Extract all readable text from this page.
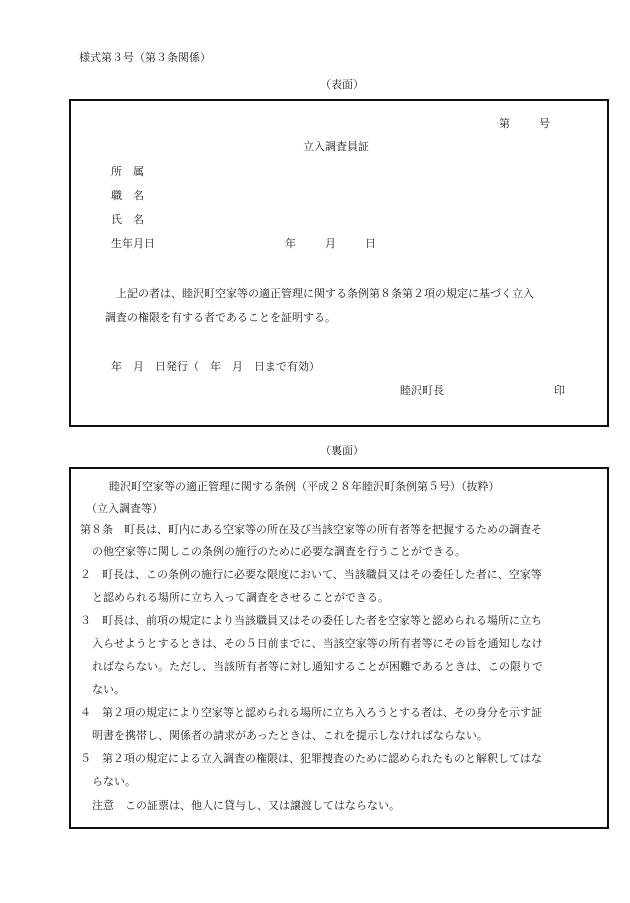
様式第３号（第３条関係）
（表面）
第	号
立入調査員証
所　属
職　名
氏　名
生年月日	年	月	日
上記の者は、睦沢町空家等の適正管理に関する条例第８条第２項の規定に基づく立入
調査の権限を有する者であることを証明する。
年　月　日発行（　年　月　日まで有効）
睦沢町長	印
（裏面）
睦沢町空家等の適正管理に関する条例（平成２８年睦沢町条例第５号）（抜粋）
（立入調査等）
第８条　町長は、町内にある空家等の所在及び当該空家等の所有者等を把握するための調査そ
の他空家等に関しこの条例の施行のために必要な調査を行うことができる。
２　町長は、この条例の施行に必要な限度において、当該職員又はその委任した者に、空家等
と認められる場所に立ち入って調査をさせることができる。
３　町長は、前項の規定により当該職員又はその委任した者を空家等と認められる場所に立ち
入らせようとするときは、その５日前までに、当該空家等の所有者等にその旨を通知しなけ
ればならない。ただし、当該所有者等に対し通知することが困難であるときは、この限りで
ない。
４　第２項の規定により空家等と認められる場所に立ち入ろうとする者は、その身分を示す証
明書を携帯し、関係者の請求があったときは、これを提示しなければならない。
５　第２項の規定による立入調査の権限は、犯罪捜査のために認められたものと解釈してはな
らない。
注意　この証票は、他人に貸与し、又は譲渡してはならない。
